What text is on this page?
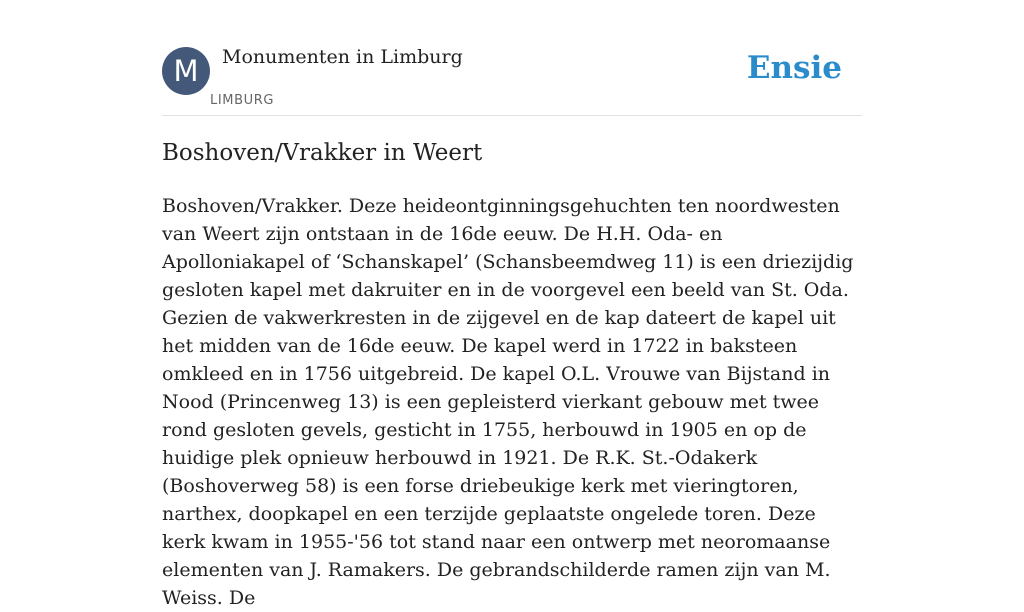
M	Monumenten in Limburg
LIMBURG
Ensie
Boshoven/Vrakker in Weert

Boshoven/Vrakker. Deze heideontginningsgehuchten ten noordwesten van Weert zijn ontstaan in de 16de eeuw. De H.H. Oda- en Apolloniakapel of ‘Schanskapel’ (Schansbeemdweg 11) is een driezijdig gesloten kapel met dakruiter en in de voorgevel een beeld van St. Oda. Gezien de vakwerkresten in de zijgevel en de kap dateert de kapel uit het midden van de 16de eeuw. De kapel werd in 1722 in baksteen omkleed en in 1756 uitgebreid. De kapel O.L. Vrouwe van Bijstand in Nood (Princenweg 13) is een gepleisterd vierkant gebouw met twee rond gesloten gevels, gesticht in 1755, herbouwd in 1905 en op de huidige plek opnieuw herbouwd in 1921. De R.K. St.-Odakerk (Boshoverweg 58) is een forse driebeukige kerk met vieringtoren, narthex, doopkapel en een terzijde geplaatste ongelede toren. Deze kerk kwam in 1955-'56 tot stand naar een ontwerp met neoromaanse elementen van J. Ramakers. De gebrandschilderde ramen zijn van M. Weiss. De
